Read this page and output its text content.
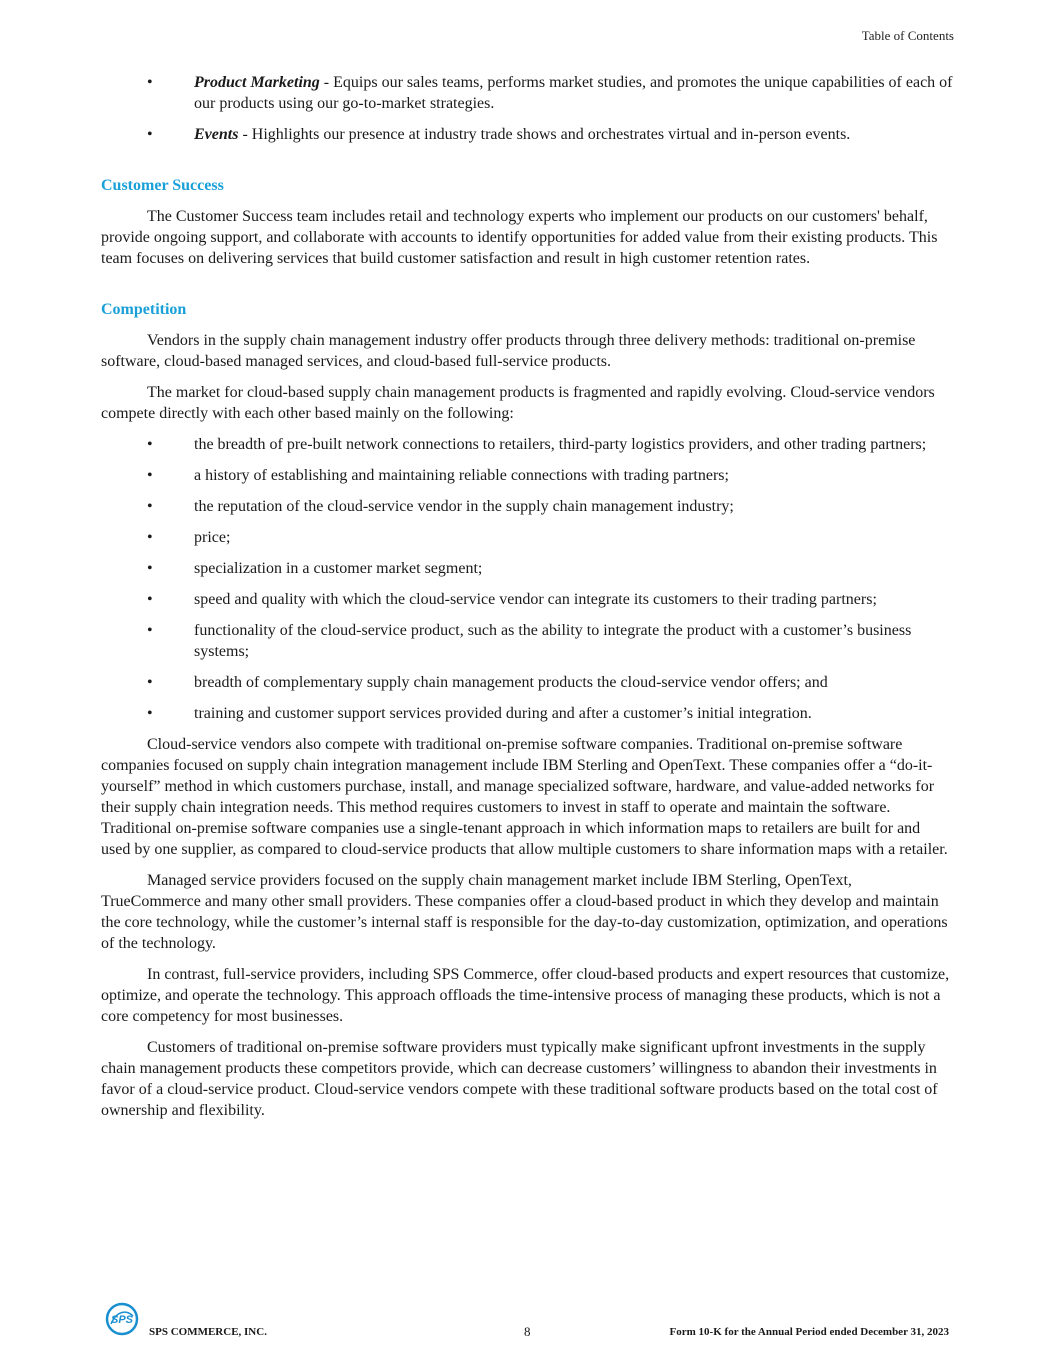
Table of Contents
• Product Marketing - Equips our sales teams, performs market studies, and promotes the unique capabilities of each of our products using our go-to-market strategies.
• Events - Highlights our presence at industry trade shows and orchestrates virtual and in-person events.
Customer Success

The Customer Success team includes retail and technology experts who implement our products on our customers' behalf, provide ongoing support, and collaborate with accounts to identify opportunities for added value from their existing products. This team focuses on delivering services that build customer satisfaction and result in high customer retention rates.

Competition

Vendors in the supply chain management industry offer products through three delivery methods: traditional on-premise software, cloud-based managed services, and cloud-based full-service products.

The market for cloud-based supply chain management products is fragmented and rapidly evolving. Cloud-service vendors compete directly with each other based mainly on the following:

• the breadth of pre-built network connections to retailers, third-party logistics providers, and other trading partners;
• a history of establishing and maintaining reliable connections with trading partners;
• the reputation of the cloud-service vendor in the supply chain management industry;
• price;
• specialization in a customer market segment;
• speed and quality with which the cloud-service vendor can integrate its customers to their trading partners;
• functionality of the cloud-service product, such as the ability to integrate the product with a customer’s business systems;
• breadth of complementary supply chain management products the cloud-service vendor offers; and
• training and customer support services provided during and after a customer’s initial integration.

Cloud-service vendors also compete with traditional on-premise software companies. Traditional on-premise software companies focused on supply chain integration management include IBM Sterling and OpenText. These companies offer a “do-it-yourself” method in which customers purchase, install, and manage specialized software, hardware, and value-added networks for their supply chain integration needs. This method requires customers to invest in staff to operate and maintain the software. Traditional on-premise software companies use a single-tenant approach in which information maps to retailers are built for and used by one supplier, as compared to cloud-service products that allow multiple customers to share information maps with a retailer.

Managed service providers focused on the supply chain management market include IBM Sterling, OpenText, TrueCommerce and many other small providers. These companies offer a cloud-based product in which they develop and maintain the core technology, while the customer’s internal staff is responsible for the day-to-day customization, optimization, and operations of the technology.

In contrast, full-service providers, including SPS Commerce, offer cloud-based products and expert resources that customize, optimize, and operate the technology. This approach offloads the time-intensive process of managing these products, which is not a core competency for most businesses.

Customers of traditional on-premise software providers must typically make significant upfront investments in the supply chain management products these competitors provide, which can decrease customers’ willingness to abandon their investments in favor of a cloud-service product. Cloud-service vendors compete with these traditional software products based on the total cost of ownership and flexibility.

SPS
SPS COMMERCE, INC.	8	Form 10-K for the Annual Period ended December 31, 2023
